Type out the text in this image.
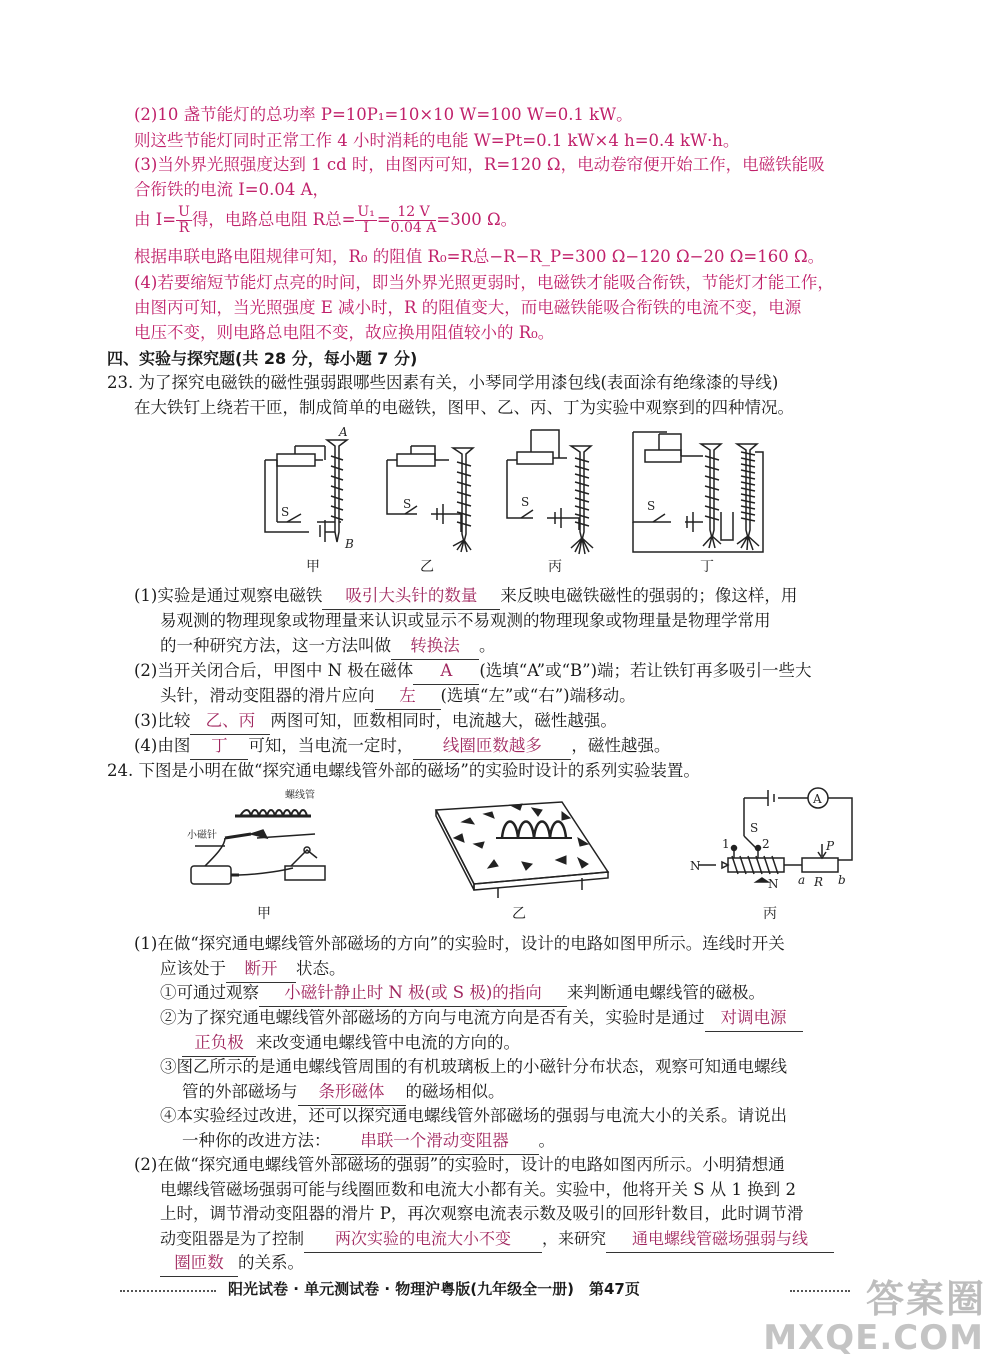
(2)10 盏节能灯的总功率 P=10P₁=10×10 W=100 W=0.1 kW。
则这些节能灯同时正常工作 4 小时消耗的电能 W=Pt=0.1 kW×4 h=0.4 kW·h。
(3)当外界光照强度达到 1 cd 时，由图丙可知，R=120 Ω，电动卷帘便开始工作，电磁铁能吸
合衔铁的电流 I=0.04 A，
由 $I= \frac{U}{R}$ 得，电路总电阻 R总= $\frac{\text{U₁}}{I} = \frac{12 V}{0.04 A} =300$ Ω。
根据串联电路电阻规律可知，R₀ 的阻值 R₀=R总−R−R_P=300 Ω−120 Ω−20 Ω=160 Ω。
(4)若要缩短节能灯点亮的时间，即当外界光照更弱时，电磁铁才能吸合衔铁，节能灯才能工作，
由图丙可知，当光照强度 E 减小时，R 的阻值变大，而电磁铁能吸合衔铁的电流不变，电源
电压不变，则电路总电阻不变，故应换用阻值较小的 R₀。
四、实验与探究题(共 28 分，每小题 7 分)
23. 为了探究电磁铁的磁性强弱跟哪些因素有关，小琴同学用漆包线(表面涂有绝缘漆的导线)
在大铁钉上绕若干匝，制成简单的电磁铁，图甲、乙、丙、丁为实验中观察到的四种情况。
A
B
S
S	S	S
甲	乙	丙	丁
(1)实验是通过观察电磁铁 吸引大头针的数量 来反映电磁铁磁性的强弱的；像这样，用
易观测的物理现象或物理量来认识或显示不易观测的物理现象或物理量是物理学常用
的一种研究方法，这一方法叫做 转换法 。
(2)当开关闭合后，甲图中 N 极在磁体 A (选填“A”或“B”)端；若让铁钉再多吸引一些大
头针，滑动变阻器的滑片应向 左 (选填“左”或“右”)端移动。
(3)比较 乙、丙 两图可知，匝数相同时，电流越大，磁性越强。
(4)由图 丁 可知，当电流一定时， 线圈匝数越多 ，磁性越强。
24. 下图是小明在做“探究通电螺线管外部的磁场”的实验时设计的系列实验装置。
螺线管
小磁针
甲	乙
A
S
1	2
N
N
P
a R b
丙
(1)在做“探究通电螺线管外部磁场的方向”的实验时，设计的电路如图甲所示。连线时开关
应该处于 断开 状态。
①可通过观察 小磁针静止时 N 极(或 S 极)的指向 来判断通电螺线管的磁极。
②为了探究通电螺线管外部磁场的方向与电流方向是否有关，实验时是通过 对调电源
正负极 来改变通电螺线管中电流的方向的。
③图乙所示的是通电螺线管周围的有机玻璃板上的小磁针分布状态，观察可知通电螺线
管的外部磁场与 条形磁体 的磁场相似。
④本实验经过改进，还可以探究通电螺线管外部磁场的强弱与电流大小的关系。请说出
一种你的改进方法： 串联一个滑动变阻器 。
(2)在做“探究通电螺线管外部磁场的强弱”的实验时，设计的电路如图丙所示。小明猜想通
电螺线管磁场强弱可能与线圈匝数和电流大小都有关。实验中，他将开关 S 从 1 换到 2
上时，调节滑动变阻器的滑片 P，再次观察电流表示数及吸引的回形针数目，此时调节滑
动变阻器是为了控制 两次实验的电流大小不变 ，来研究 通电螺线管磁场强弱与线
圈匝数 的关系。
阳光试卷 · 单元测试卷 · 物理沪粤版(九年级全一册)　第47页	答案圈
MXQE.COM
